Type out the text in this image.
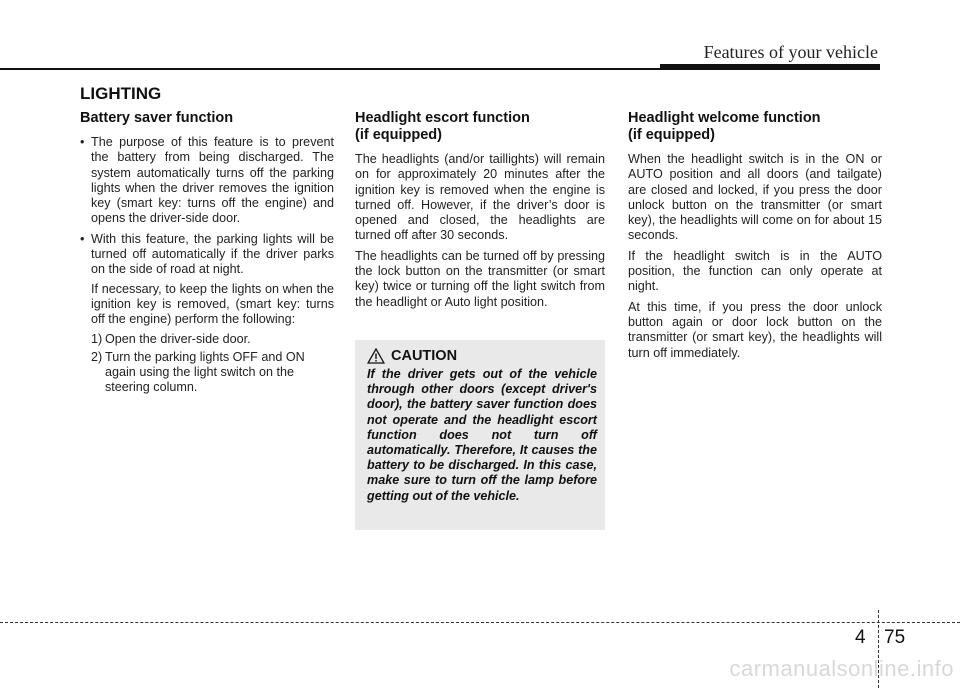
Features of your vehicle
LIGHTING
Battery saver function
• The purpose of this feature is to prevent the battery from being discharged. The system automatically turns off the parking lights when the driver removes the ignition key (smart key: turns off the engine) and opens the driver-side door.
• With this feature, the parking lights will be turned off automatically if the driver parks on the side of road at night.

If necessary, to keep the lights on when the ignition key is removed, (smart key: turns off the engine) perform the following:

1) Open the driver-side door.
2) Turn the parking lights OFF and ON again using the light switch on the steering column.
Headlight escort function
(if equipped)

The headlights (and/or taillights) will remain on for approximately 20 minutes after the ignition key is removed when the engine is turned off. However, if the driver’s door is opened and closed, the headlights are turned off after 30 seconds.

The headlights can be turned off by pressing the lock button on the transmitter (or smart key) twice or turning off the light switch from the headlight or Auto light position.

CAUTION

If the driver gets out of the vehicle through other doors (except driver's door), the battery saver function does not operate and the headlight escort function does not turn off automatically. Therefore, It causes the battery to be discharged. In this case, make sure to turn off the lamp before getting out of the vehicle.

Headlight welcome function
(if equipped)

When the headlight switch is in the ON or AUTO position and all doors (and tailgate) are closed and locked, if you press the door unlock button on the transmitter (or smart key), the headlights will come on for about 15 seconds.

If the headlight switch is in the AUTO position, the function can only operate at night.

At this time, if you press the door unlock button again or door lock button on the transmitter (or smart key), the headlights will turn off immediately.

4 75
carmanualsonline.info
